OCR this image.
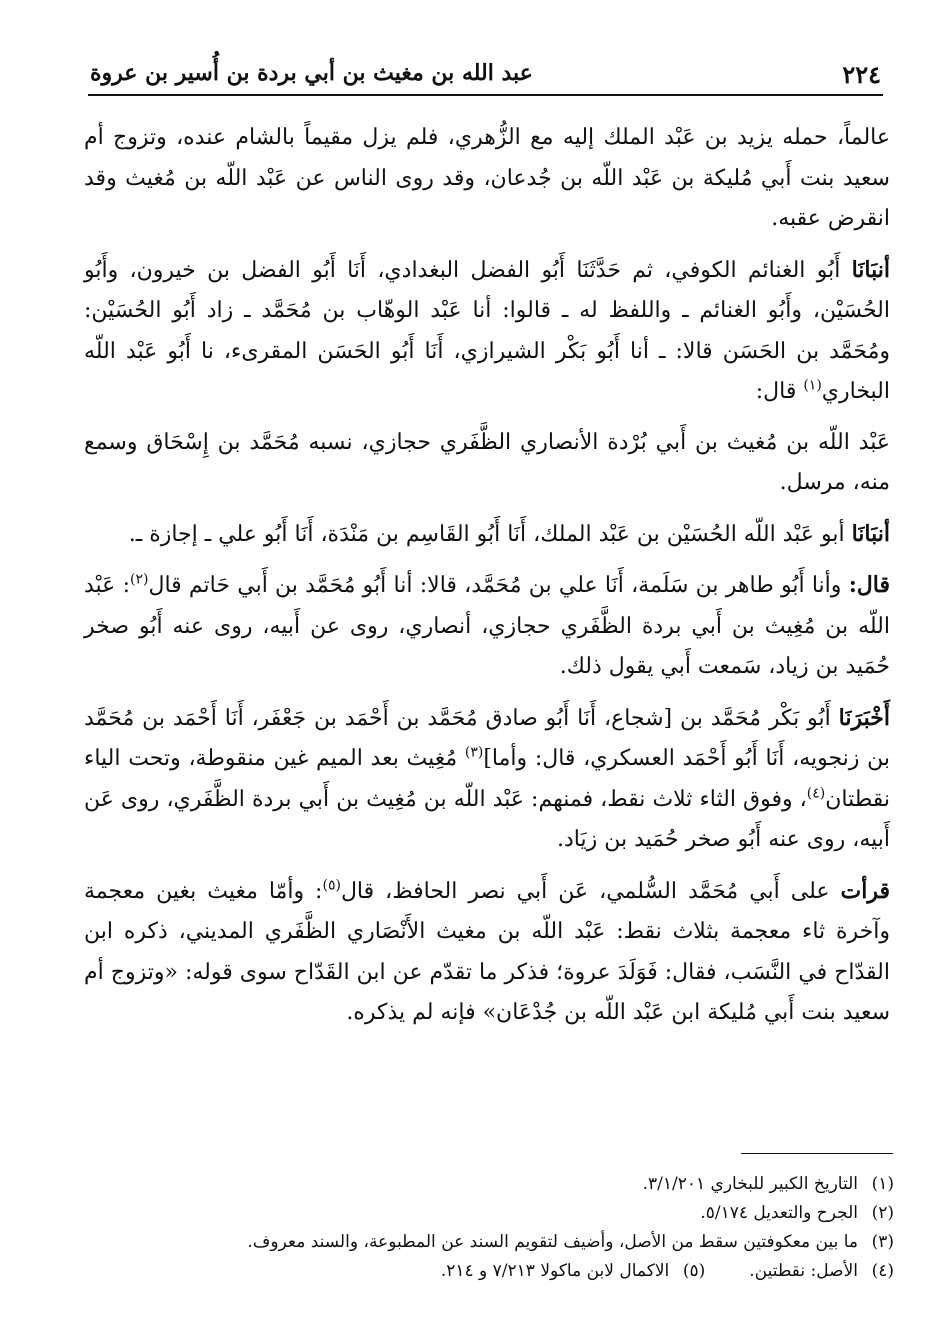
٢٢٤
عبد الله بن مغيث بن أبي بردة بن أُسير بن عروة

عالماً، حمله يزيد بن عَبْد الملك إليه مع الزُّهري، فلم يزل مقيماً بالشام عنده، وتزوج أم سعيد بنت أَبي مُليكة بن عَبْد اللّه بن جُدعان، وقد روى الناس عن عَبْد اللّه بن مُغيث وقد انقرض عقبه.

أنبَانَا أَبُو الغنائم الكوفي، ثم حَدَّثَنَا أَبُو الفضل البغدادي، أَنَا أَبُو الفضل بن خيرون، وأَبُو الحُسَيْن، وأَبُو الغنائم ـ واللفظ له ـ قالوا: أنا عَبْد الوهّاب بن مُحَمَّد ـ زاد أَبُو الحُسَيْن: ومُحَمَّد بن الحَسَن قالا: ـ أنا أَبُو بَكْر الشيرازي، أَنَا أَبُو الحَسَن المقرىء، نا أَبُو عَبْد اللّه البخاري$^{(١)}$ قال:

عَبْد اللّه بن مُغيث بن أَبي بُرْدة الأنصاري الظَّفَري حجازي، نسبه مُحَمَّد بن إِسْحَاق وسمع منه، مرسل.

أنبَانَا أبو عَبْد اللّه الحُسَيْن بن عَبْد الملك، أَنَا أَبُو القَاسِم بن مَنْدَة، أَنَا أَبُو علي ـ إجازة ـ.

قال: وأنا أَبُو طاهر بن سَلَمة، أَنَا علي بن مُحَمَّد، قالا: أنا أَبُو مُحَمَّد بن أَبي حَاتم قال$^{(٢)}$: عَبْد اللّه بن مُغِيث بن أَبي بردة الظَّفَري حجازي، أنصاري، روى عن أَبيه، روى عنه أَبُو صخر حُمَيد بن زياد، سَمعت أَبي يقول ذلك.

أَخْبَرَنَا أَبُو بَكْر مُحَمَّد بن [شجاع، أَنَا أَبُو صادق مُحَمَّد بن أَحْمَد بن جَعْفَر، أَنَا أَحْمَد بن مُحَمَّد بن زنجويه، أَنَا أَبُو أَحْمَد العسكري، قال: وأما]$^{(٣)}$ مُغِيث بعد الميم غين منقوطة، وتحت الياء نقطتان$^{(٤)}$، وفوق الثاء ثلاث نقط، فمنهم: عَبْد اللّه بن مُغِيث بن أَبي بردة الظَّفَري، روى عَن أَبيه، روى عنه أَبُو صخر حُمَيد بن زيَاد.

قرأت على أَبي مُحَمَّد السُّلمي، عَن أَبي نصر الحافظ، قال$^{(٥)}$: وأمّا مغيث بغين معجمة وآخرة ثاء معجمة بثلاث نقط: عَبْد اللّه بن مغيث الأَنْصَاري الظَّفَري المديني، ذكره ابن القدّاح في النَّسَب، فقال: فَوَلَدَ عروة؛ فذكر ما تقدّم عن ابن القَدّاح سوى قوله: «وتزوج أم سعيد بنت أَبي مُليكة ابن عَبْد اللّه بن جُدْعَان» فإنه لم يذكره.

(١)التاريخ الكبير للبخاري ٣/١/٢٠١.
(٢)الجرح والتعديل ٥/١٧٤.
(٣)ما بين معكوفتين سقط من الأصل، وأضيف لتقويم السند عن المطبوعة، والسند معروف.
(٤)الأصل: نقطتين.(٥)الاكمال لابن ماكولا ٧/٢١٣ و ٢١٤.
